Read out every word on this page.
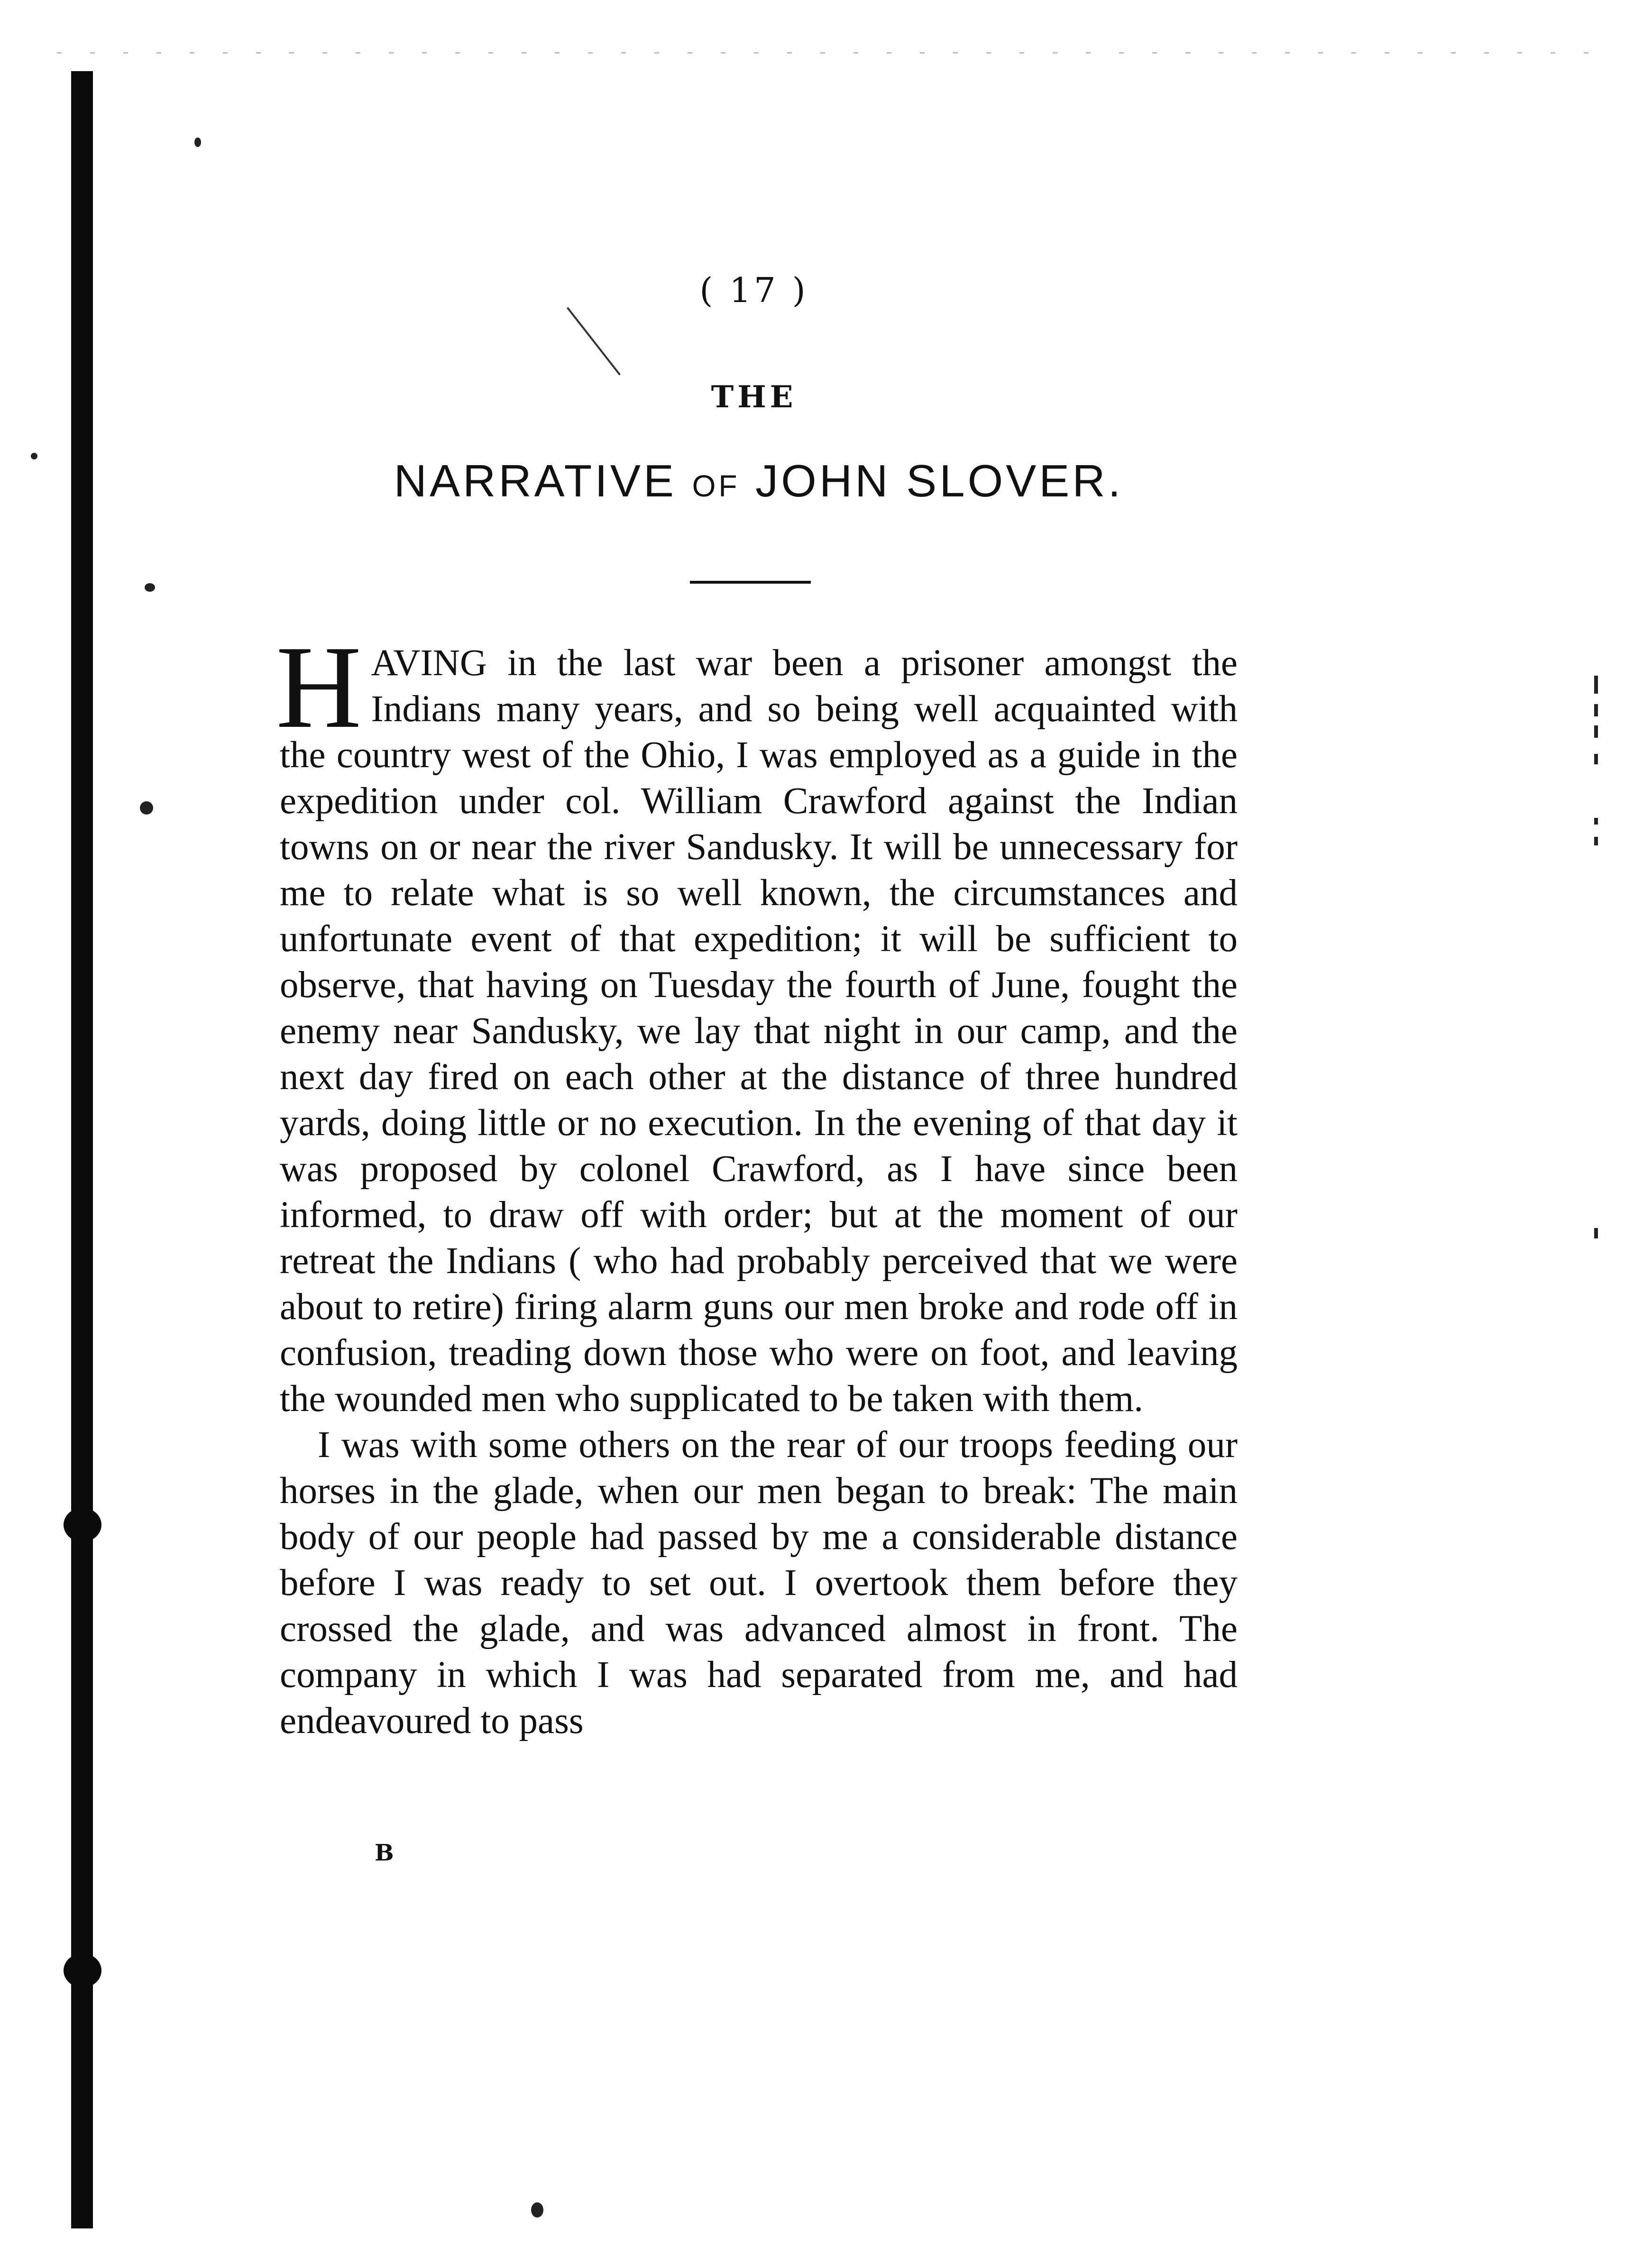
( 17 )
THE
NARRATIVE OF JOHN SLOVER.

HAVING in the last war been a prisoner amongst the Indians many years, and so being well acquainted with the country west of the Ohio, I was employed as a guide in the expedition under col. William Crawford against the Indian towns on or near the river Sandusky. It will be unnecessary for me to relate what is so well known, the circumstances and unfortunate event of that expedition; it will be sufficient to observe, that having on Tuesday the fourth of June, fought the enemy near Sandusky, we lay that night in our camp, and the next day fired on each other at the distance of three hundred yards, doing little or no execution. In the evening of that day it was proposed by colonel Crawford, as I have since been informed, to draw off with order; but at the moment of our retreat the Indians ( who had probably perceived that we were about to retire) firing alarm guns our men broke and rode off in confusion, treading down those who were on foot, and leaving the wounded men who supplicated to be taken with them.

I was with some others on the rear of our troops feeding our horses in the glade, when our men began to break: The main body of our people had passed by me a considerable distance before I was ready to set out. I overtook them before they crossed the glade, and was advanced almost in front. The company in which I was had separated from me, and had endeavoured to pass

B
